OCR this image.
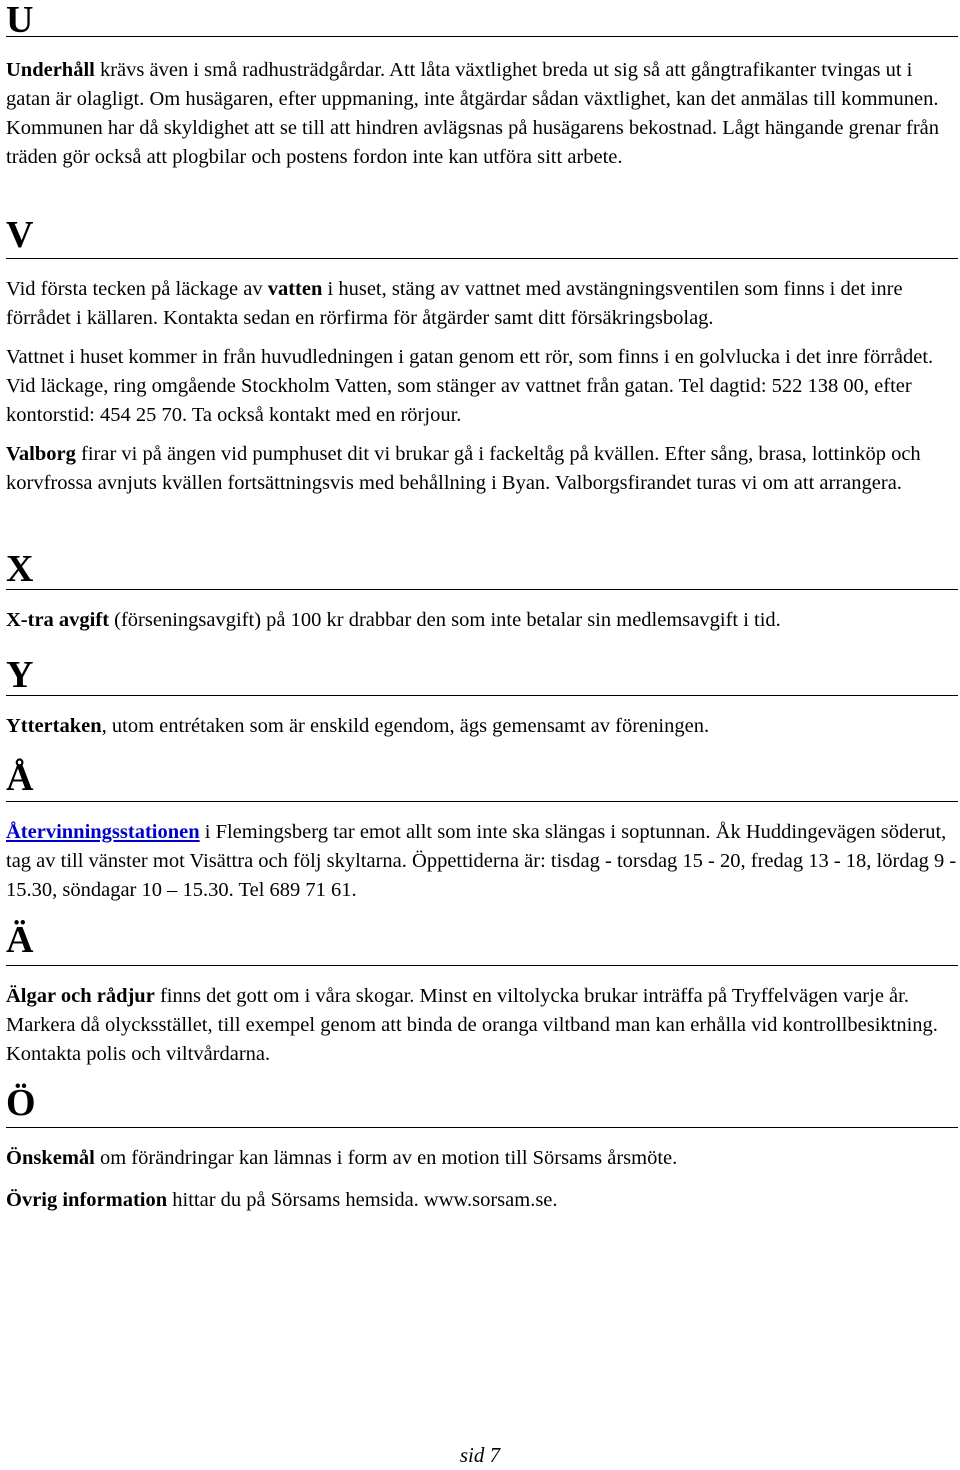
U

Underhåll krävs även i små radhusträdgårdar. Att låta växtlighet breda ut sig så att gångtrafikanter tvingas ut i gatan är olagligt. Om husägaren, efter uppmaning, inte åtgärdar sådan växtlighet, kan det anmälas till kommunen. Kommunen har då skyldighet att se till att hindren avlägsnas på husägarens bekostnad. Lågt hängande grenar från träden gör också att plogbilar och postens fordon inte kan utföra sitt arbete.

V

Vid första tecken på läckage av vatten i huset, stäng av vattnet med avstängningsventilen som finns i det inre förrådet i källaren. Kontakta sedan en rörfirma för åtgärder samt ditt försäkringsbolag.

Vattnet i huset kommer in från huvudledningen i gatan genom ett rör, som finns i en golvlucka i det inre förrådet. Vid läckage, ring omgående Stockholm Vatten, som stänger av vattnet från gatan. Tel dagtid: 522 138 00, efter kontorstid: 454 25 70. Ta också kontakt med en rörjour.

Valborg firar vi på ängen vid pumphuset dit vi brukar gå i fackeltåg på kvällen. Efter sång, brasa, lottinköp och korvfrossa avnjuts kvällen fortsättningsvis med behållning i Byan. Valborgsfirandet turas vi om att arrangera.

X

X-tra avgift (förseningsavgift) på 100 kr drabbar den som inte betalar sin medlemsavgift i tid.

Y

Yttertaken, utom entrétaken som är enskild egendom, ägs gemensamt av föreningen.

Å

Återvinningsstationen i Flemingsberg tar emot allt som inte ska slängas i soptunnan. Åk Huddingevägen söderut, tag av till vänster mot Visättra och följ skyltarna. Öppettiderna är: tisdag - torsdag 15 - 20, fredag 13 - 18, lördag 9 - 15.30, söndagar 10 – 15.30. Tel 689 71 61.

Ä

Älgar och rådjur finns det gott om i våra skogar. Minst en viltolycka brukar inträffa på Tryffelvägen varje år. Markera då olycksstället, till exempel genom att binda de oranga viltband man kan erhålla vid kontrollbesiktning. Kontakta polis och viltvårdarna.

Ö

Önskemål om förändringar kan lämnas i form av en motion till Sörsams årsmöte.

Övrig information hittar du på Sörsams hemsida. www.sorsam.se.

sid 7
